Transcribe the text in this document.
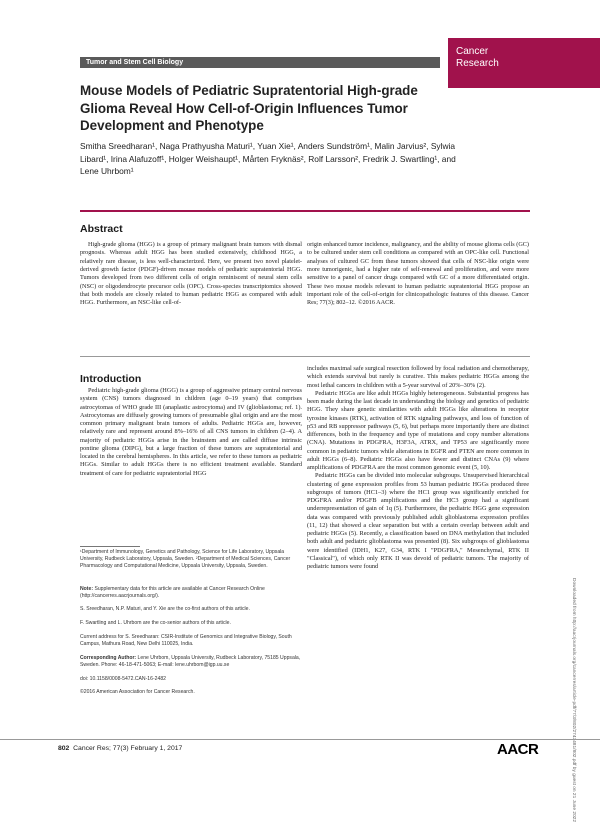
Tumor and Stem Cell Biology
Cancer
Research
Mouse Models of Pediatric Supratentorial High-grade Glioma Reveal How Cell-of-Origin Influences Tumor Development and Phenotype
Smitha Sreedharan¹, Naga Prathyusha Maturi¹, Yuan Xie¹, Anders Sundström¹, Malin Jarvius², Sylwia Libard¹, Irina Alafuzoff¹, Holger Weishaupt¹, Mårten Fryknäs², Rolf Larsson², Fredrik J. Swartling¹, and Lene Uhrbom¹
Abstract
High-grade glioma (HGG) is a group of primary malignant brain tumors with dismal prognosis. Whereas adult HGG has been studied extensively, childhood HGG, a relatively rare disease, is less well-characterized. Here, we present two novel platelet-derived growth factor (PDGF)-driven mouse models of pediatric supratentorial HGG. Tumors developed from two different cells of origin reminiscent of neural stem cells (NSC) or oligodendrocyte precursor cells (OPC). Cross-species transcriptomics showed that both models are closely related to human pediatric HGG as compared with adult HGG. Furthermore, an NSC-like cell-of-
origin enhanced tumor incidence, malignancy, and the ability of mouse glioma cells (GC) to be cultured under stem cell conditions as compared with an OPC-like cell. Functional analyses of cultured GC from these tumors showed that cells of NSC-like origin were more tumorigenic, had a higher rate of self-renewal and proliferation, and were more sensitive to a panel of cancer drugs compared with GC of a more differentiated origin. These two mouse models relevant to human pediatric supratentorial HGG propose an important role of the cell-of-origin for clinicopathologic features of this disease. Cancer Res; 77(3); 802–12. ©2016 AACR.
Introduction

Pediatric high-grade glioma (HGG) is a group of aggressive primary central nervous system (CNS) tumors diagnosed in children (age 0–19 years) that comprises astrocytomas of WHO grade III (anaplastic astrocytoma) and IV (glioblastoma; ref. 1). Astrocytomas are diffusely growing tumors of presumable glial origin and are the most common primary malignant brain tumors of adults. Pediatric HGGs are, however, relatively rare and represent around 8%–16% of all CNS tumors in children (2–4). A majority of pediatric HGGs arise in the brainstem and are called diffuse intrinsic pontine glioma (DIPG), but a large fraction of these tumors are supratentorial and located in the cerebral hemispheres. In this article, we refer to these tumors as pediatric HGGs. Similar to adult HGGs there is no efficient treatment available. Standard treatment of care for pediatric supratentorial HGG

includes maximal safe surgical resection followed by focal radiation and chemotherapy, which extends survival but rarely is curative. This makes pediatric HGGs among the most lethal cancers in children with a 5-year survival of 20%–30% (2).

Pediatric HGGs are like adult HGGs highly heterogeneous. Substantial progress has been made during the last decade in understanding the biology and genetics of pediatric HGG. They share genetic similarities with adult HGGs like alterations in receptor tyrosine kinases (RTK), activation of RTK signaling pathways, and loss of function of p53 and RB suppressor pathways (5, 6), but perhaps more importantly there are distinct differences, both in the frequency and type of mutations and copy number alterations (CNA). Mutations in PDGFRA, H3F3A, ATRX, and TP53 are significantly more common in pediatric tumors while alterations in EGFR and PTEN are more common in adult HGGs (6–8). Pediatric HGGs also have fewer and distinct CNAs (9) where amplifications of PDGFRA are the most common genomic event (5, 10).

Pediatric HGGs can be divided into molecular subgroups. Unsupervised hierarchical clustering of gene expression profiles from 53 human pediatric HGGs produced three subgroups of tumors (HC1–3) where the HC1 group was significantly enriched for PDGFRA and/or PDGFB amplifications and the HC3 group had a significant underrepresentation of gain of 1q (5). Furthermore, the pediatric HGG gene expression data was compared with previously published adult glioblastoma expression profiles (11, 12) that showed a clear separation but with a certain overlap between adult and pediatric HGGs (5). Recently, a classification based on DNA methylation that included both adult and pediatric glioblastoma was presented (8). Six subgroups of glioblastoma were identified (IDH1, K27, G34, RTK I "PDGFRA," Mesenchymal, RTK II "Classical"), of which only RTK II was devoid of pediatric tumors. The majority of pediatric tumors were found

¹Department of Immunology, Genetics and Pathology, Science for Life Laboratory, Uppsala University, Rudbeck Laboratory, Uppsala, Sweden. ²Department of Medical Sciences, Cancer Pharmacology and Computational Medicine, Uppsala University, Uppsala, Sweden.
Note: Supplementary data for this article are available at Cancer Research Online (http://cancerres.aacrjournals.org/).
S. Sreedharan, N.P. Maturi, and Y. Xie are the co-first authors of this article.
F. Swartling and L. Uhrbom are the co-senior authors of this article.
Current address for S. Sreedharan: CSIR-Institute of Genomics and Integrative Biology, South Campus, Mathura Road, New Delhi 110025, India.
Corresponding Author: Lene Uhrbom, Uppsala University, Rudbeck Laboratory, 75185 Uppsala, Sweden. Phone: 46-18-471-5063; E-mail: lene.uhrbom@igp.uu.se
doi: 10.1158/0008-5472.CAN-16-2482
©2016 American Association for Cancer Research.	Downloaded from http://aacrjournals.org/cancerres/article-pdf/77/3/802/2743481/802.pdf by guest on 21 June 2022
802 Cancer Res; 77(3) February 1, 2017	AACR
